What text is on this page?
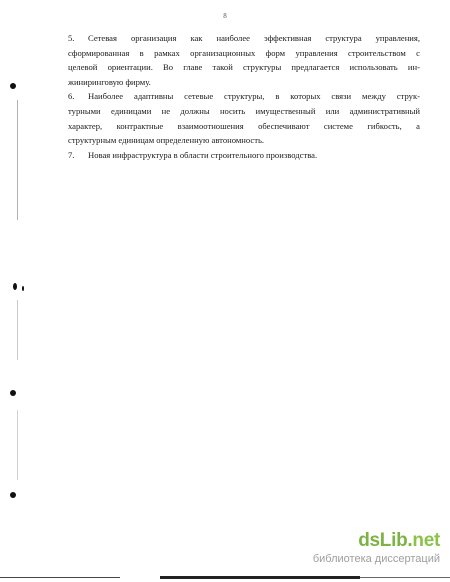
8

5. Сетевая организация как наиболее эффективная структура управления,
сформированная в рамках организационных форм управления строительством с
целевой ориентации. Во главе такой структуры предлагается использовать ин-
жиниринговую фирму.

6. Наиболее адаптивны сетевые структуры, в которых связи между струк-
турными единицами не должны носить имущественный или административный
характер, контрактные взаимоотношения обеспечивают системе гибкость, а
структурным единицам определенную автономность.

7. Новая инфраструктура в области строительного производства.

dsLib.net
библиотека диссертаций
